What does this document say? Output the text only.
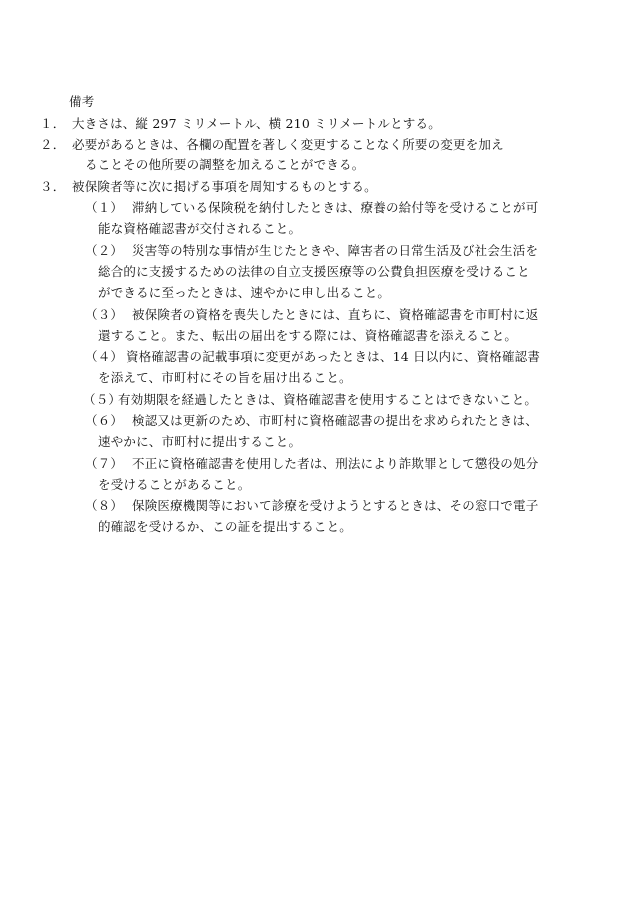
備考
１． 大きさは、縦 297 ミリメートル、横 210 ミリメートルとする。
２． 必要があるときは、各欄の配置を著しく変更することなく所要の変更を加え
ることその他所要の調整を加えることができる。
３． 被保険者等に次に掲げる事項を周知するものとする。
（１） 滞納している保険税を納付したときは、療養の給付等を受けることが可
能な資格確認書が交付されること。
（２） 災害等の特別な事情が生じたときや、障害者の日常生活及び社会生活を
総合的に支援するための法律の自立支援医療等の公費負担医療を受けること
ができるに至ったときは、速やかに申し出ること。
（３） 被保険者の資格を喪失したときには、直ちに、資格確認書を市町村に返
還すること。また、転出の届出をする際には、資格確認書を添えること。
（４） 資格確認書の記載事項に変更があったときは、14 日以内に、資格確認書
を添えて、市町村にその旨を届け出ること。
（５）
有効期限を経過したときは、資格確認書を使用することはできないこと。
（６） 検認又は更新のため、市町村に資格確認書の提出を求められたときは、
速やかに、市町村に提出すること。
（７） 不正に資格確認書を使用した者は、刑法により詐欺罪として懲役の処分
を受けることがあること。
（８） 保険医療機関等において診療を受けようとするときは、その窓口で電子
的確認を受けるか、この証を提出すること。
